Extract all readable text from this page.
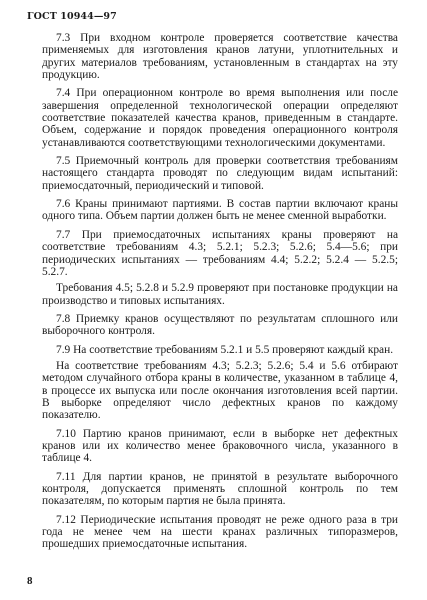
ГОСТ 10944—97

7.3 При входном контроле проверяется соответствие качества применяемых для изготовления кранов латуни, уплотнительных и других материалов требованиям, установленным в стандартах на эту продукцию.

7.4 При операционном контроле во время выполнения или после завершения определенной технологической операции определяют соответствие показателей качества кранов, приведенным в стандарте. Объем, содержание и порядок проведения операционного контроля устанавливаются соответствующими технологическими документами.

7.5 Приемочный контроль для проверки соответствия требованиям настоящего стандарта проводят по следующим видам испытаний: приемосдаточный, периодический и типовой.

7.6 Краны принимают партиями. В состав партии включают краны одного типа. Объем партии должен быть не менее сменной выработки.

7.7 При приемосдаточных испытаниях краны проверяют на соответствие требованиям 4.3; 5.2.1; 5.2.3; 5.2.6; 5.4—5.6; при периодических испытаниях — требованиям 4.4; 5.2.2; 5.2.4 — 5.2.5; 5.2.7.

Требования 4.5; 5.2.8 и 5.2.9 проверяют при постановке продукции на производство и типовых испытаниях.

7.8 Приемку кранов осуществляют по результатам сплошного или выборочного контроля.

7.9 На соответствие требованиям 5.2.1 и 5.5 проверяют каждый кран.

На соответствие требованиям 4.3; 5.2.3; 5.2.6; 5.4 и 5.6 отбирают методом случайного отбора краны в количестве, указанном в таблице 4, в процессе их выпуска или после окончания изготовления всей партии. В выборке определяют число дефектных кранов по каждому показателю.

7.10 Партию кранов принимают, если в выборке нет дефектных кранов или их количество менее браковочного числа, указанного в таблице 4.

7.11 Для партии кранов, не принятой в результате выборочного контроля, допускается применять сплошной контроль по тем показателям, по которым партия не была принята.

7.12 Периодические испытания проводят не реже одного раза в три года не менее чем на шести кранах различных типоразмеров, прошедших приемосдаточные испытания.

8
